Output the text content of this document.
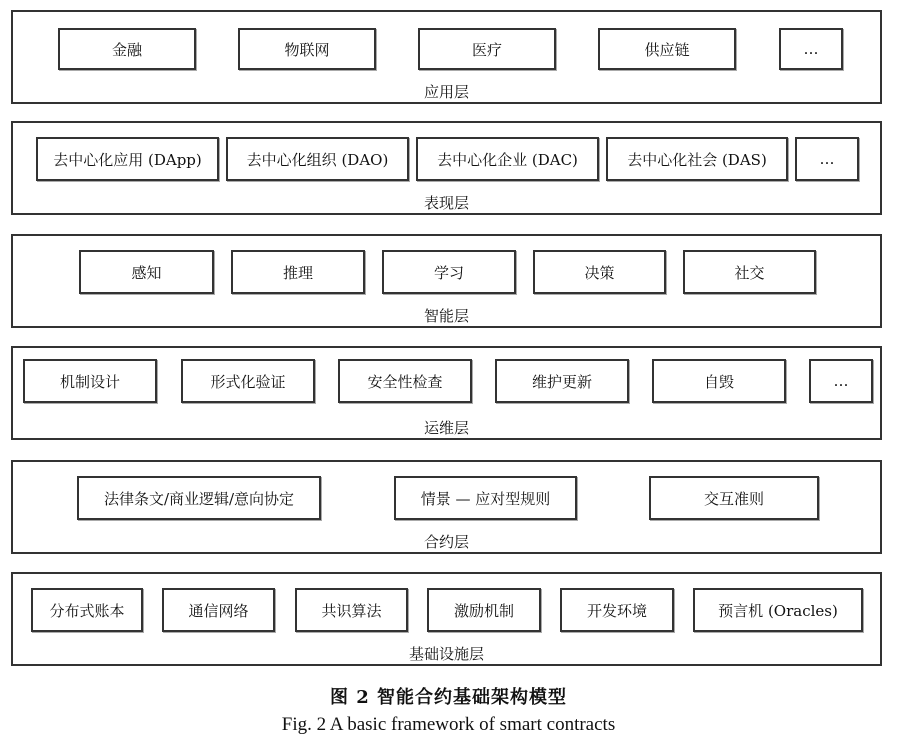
金融	物联网	医疗	供应链	…
应用层
去中心化应用 (DApp)	去中心化组织 (DAO)	去中心化企业 (DAC)	去中心化社会 (DAS)	…
表现层
感知	推理	学习	决策	社交
智能层
机制设计	形式化验证	安全性检查	维护更新	自毁	…
运维层
法律条文/商业逻辑/意向协定	情景 — 应对型规则	交互准则
合约层
分布式账本	通信网络	共识算法	激励机制	开发环境	预言机 (Oracles)
基础设施层
图 2 智能合约基础架构模型
Fig. 2 A basic framework of smart contracts
